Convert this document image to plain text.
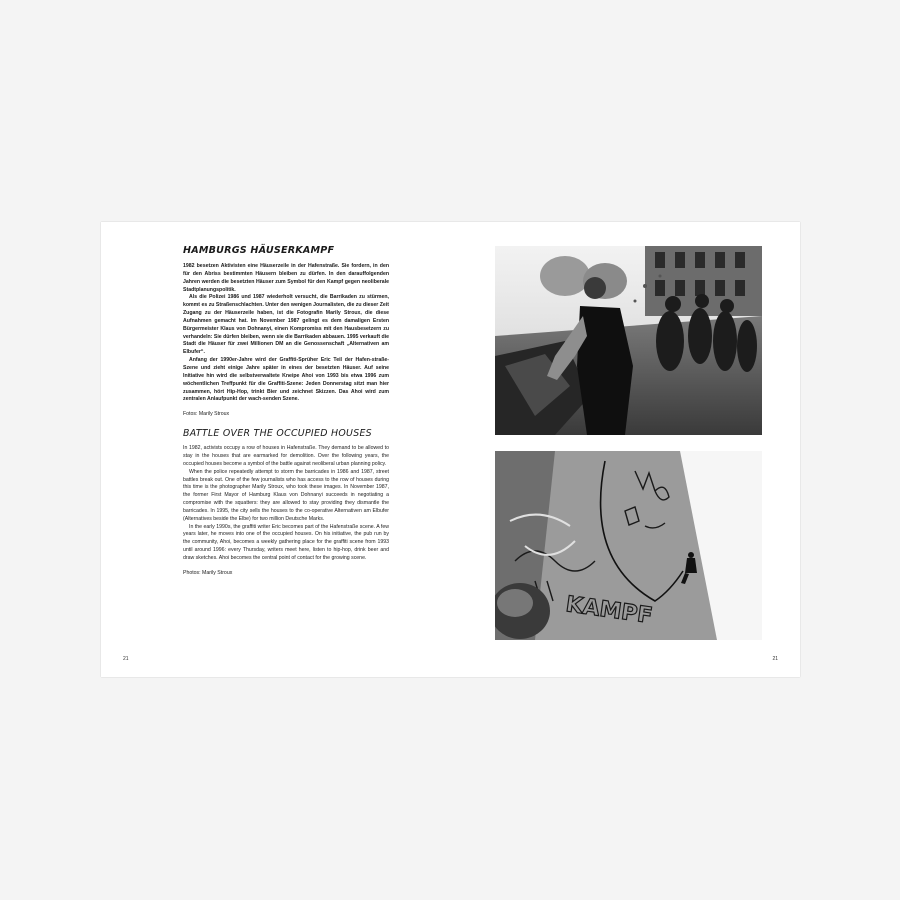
HAMBURGS HÄUSERKAMPF

1982 besetzen Aktivisten eine Häuserzeile in der Hafenstraße. Sie fordern, in den für den Abriss bestimmten Häusern bleiben zu dürfen. In den darauffolgenden Jahren werden die besetzten Häuser zum Symbol für den Kampf gegen neoliberale Stadtplanungspolitik.

Als die Polizei 1986 und 1987 wiederholt versucht, die Barrikaden zu stürmen, kommt es zu Straßenschlachten. Unter den wenigen Journalisten, die zu dieser Zeit Zugang zu der Häuserzeile haben, ist die Fotografin Marily Stroux, die diese Aufnahmen gemacht hat. Im November 1987 gelingt es dem damaligen Ersten Bürgermeister Klaus von Dohnanyi, einen Kompromiss mit den Hausbesetzern zu verhandeln: Sie dürfen bleiben, wenn sie die Barrikaden abbauen. 1995 verkauft die Stadt die Häuser für zwei Millionen DM an die Genossenschaft „Alternativen am Elbufer“.

Anfang der 1990er-Jahre wird der Graffiti-Sprüher Eric Teil der Hafen-straße-Szene und zieht einige Jahre später in eines der besetzten Häuser. Auf seine Initiative hin wird die selbstverwaltete Kneipe Ahoi von 1993 bis etwa 1996 zum wöchentlichen Treffpunkt für die Graffiti-Szene: Jeden Donnerstag sitzt man hier zusammen, hört Hip-Hop, trinkt Bier und zeichnet Skizzen. Das Ahoi wird zum zentralen Anlaufpunkt der wach-senden Szene.

Fotos: Marily Stroux

BATTLE OVER THE OCCUPIED HOUSES

In 1982, activists occupy a row of houses in Hafenstraße. They demand to be allowed to stay in the houses that are earmarked for demolition. Over the following years, the occupied houses become a symbol of the battle against neoliberal urban planning policy.

When the police repeatedly attempt to storm the barricades in 1986 and 1987, street battles break out. One of the few journalists who has access to the row of houses during this time is the photographer Marily Stroux, who took these images. In November 1987, the former First Mayor of Hamburg Klaus von Dohnanyi succeeds in negotiating a compromise with the squatters: they are allowed to stay providing they dismantle the barricades. In 1995, the city sells the houses to the co-operative Alternativen am Elbufer (Alternatives beside the Elbe) for two million Deutsche Marks.

In the early 1990s, the graffiti writer Eric becomes part of the Hafenstraße scene. A few years later, he moves into one of the occupied houses. On his initiative, the pub run by the community, Ahoi, becomes a weekly gathering place for the graffiti scene from 1993 until around 1996: every Thursday, writers meet here, listen to hip-hop, drink beer and draw sketches. Ahoi becomes the central point of contact for the growing scene.

Photos: Marily Stroux

KAMPF
21	21
